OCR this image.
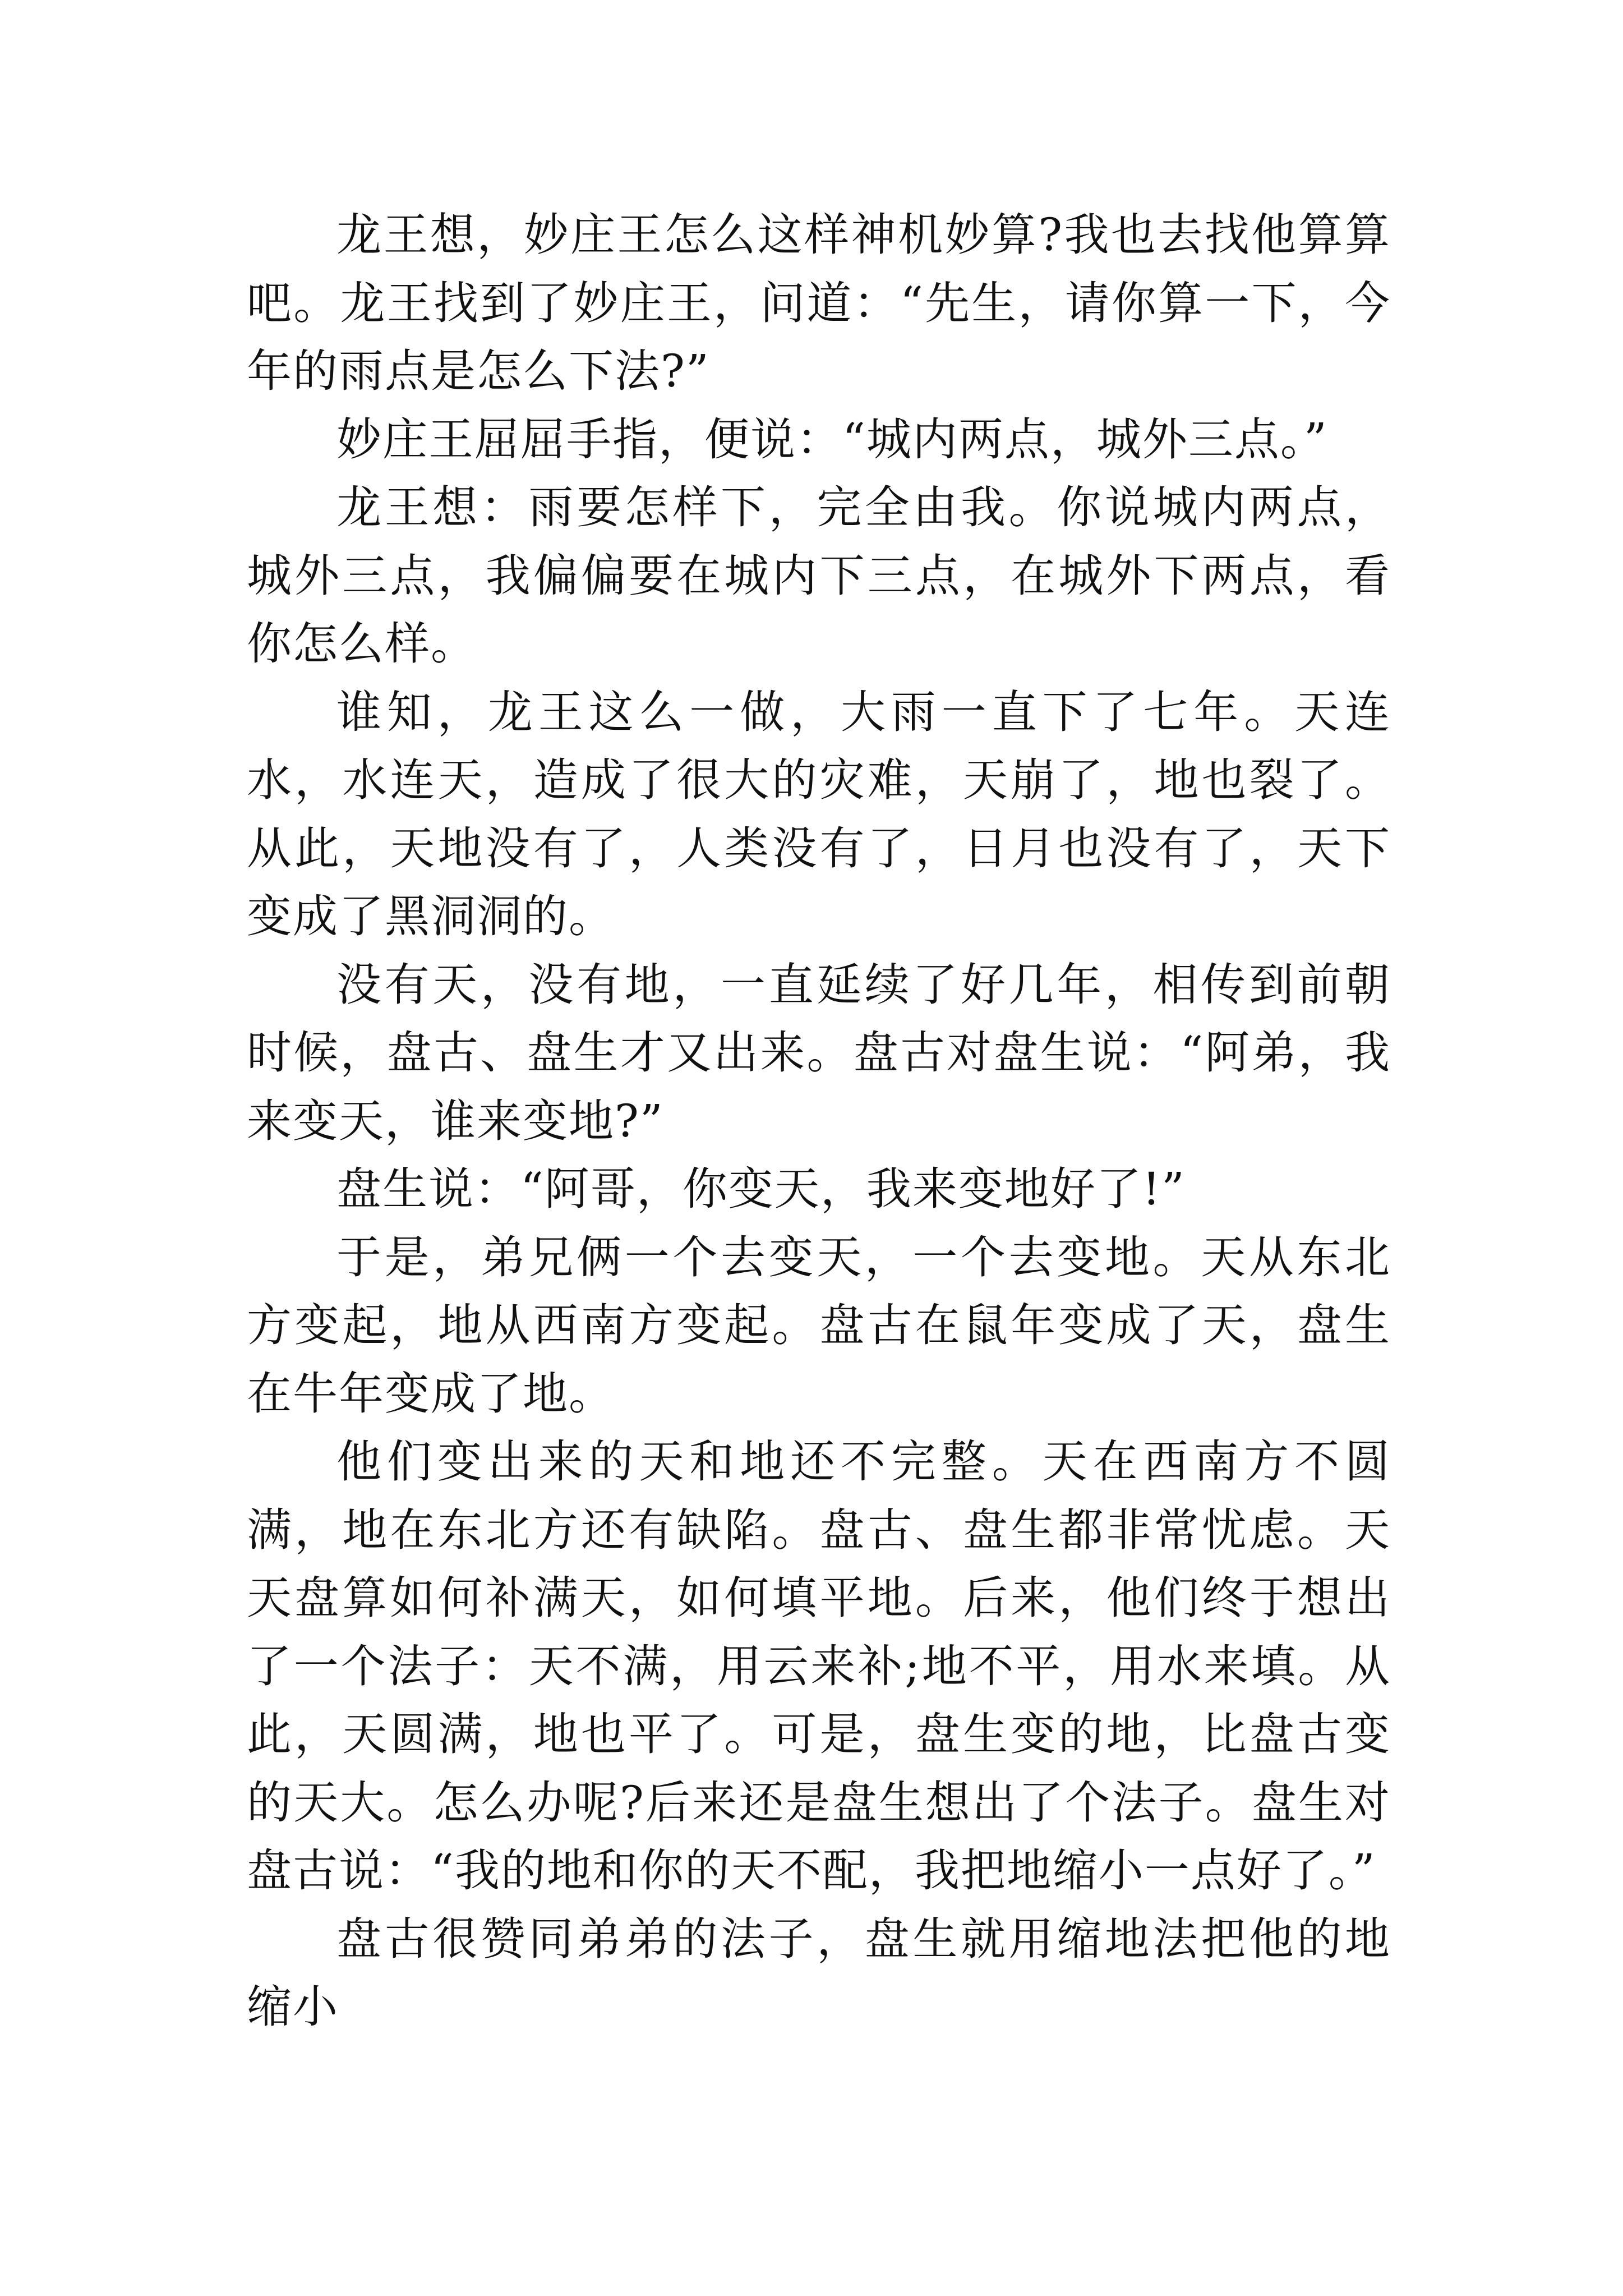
龙王想，妙庄王怎么这样神机妙算?我也去找他算算吧。龙王找到了妙庄王，问道：“先生，请你算一下，今年的雨点是怎么下法?”

妙庄王屈屈手指，便说：“城内两点，城外三点。”

龙王想：雨要怎样下，完全由我。你说城内两点，城外三点，我偏偏要在城内下三点，在城外下两点，看你怎么样。

谁知，龙王这么一做，大雨一直下了七年。天连水，水连天，造成了很大的灾难，天崩了，地也裂了。从此，天地没有了，人类没有了，日月也没有了，天下变成了黑洞洞的。

没有天，没有地，一直延续了好几年，相传到前朝时候，盘古、盘生才又出来。盘古对盘生说：“阿弟，我来变天，谁来变地?”

盘生说：“阿哥，你变天，我来变地好了!”

于是，弟兄俩一个去变天，一个去变地。天从东北方变起，地从西南方变起。盘古在鼠年变成了天，盘生在牛年变成了地。

他们变出来的天和地还不完整。天在西南方不圆满，地在东北方还有缺陷。盘古、盘生都非常忧虑。天天盘算如何补满天，如何填平地。后来，他们终于想出了一个法子：天不满，用云来补;地不平，用水来填。从此，天圆满，地也平了。可是，盘生变的地，比盘古变的天大。怎么办呢?后来还是盘生想出了个法子。盘生对盘古说：“我的地和你的天不配，我把地缩小一点好了。”

盘古很赞同弟弟的法子，盘生就用缩地法把他的地缩小
